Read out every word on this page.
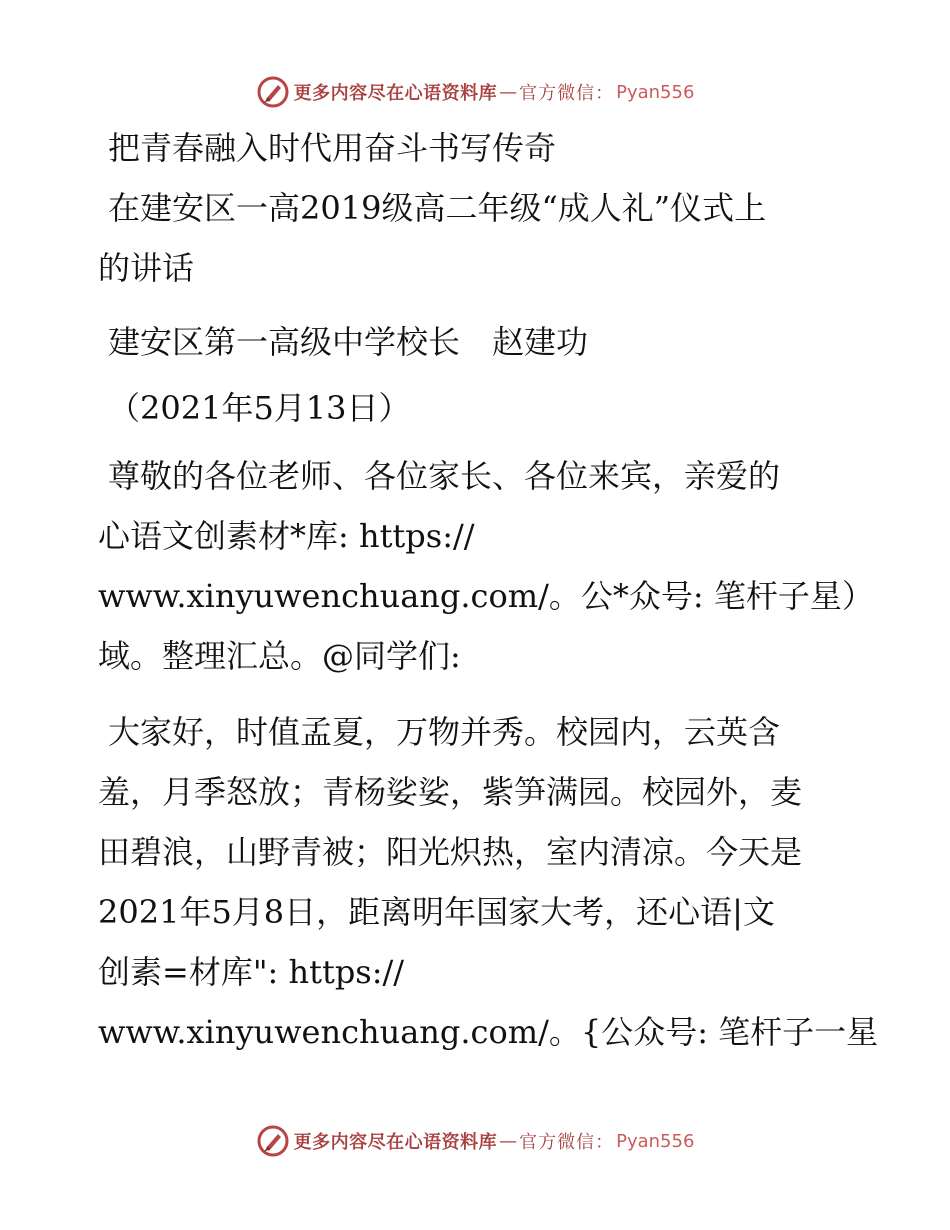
更多内容尽在心语资料库 — 官方微信： Pyan556
把青春融入时代用奋斗书写传奇
在建安区一高2019级高二年级“成人礼”仪式上
的讲话
建安区第一高级中学校长　赵建功
（2021年5月13日）
尊敬的各位老师、各位家长、各位来宾，亲爱的
心语文创素材*库: https://
www.xinyuwenchuang.com/。公*众号: 笔杆子星）
域。整理汇总。@同学们:
大家好，时值孟夏，万物并秀。校园内，云英含
羞，月季怒放；青杨娑娑，紫笋满园。校园外，麦
田碧浪，山野青被；阳光炽热，室内清凉。今天是
2021年5月8日，距离明年国家大考，还心语|文
创素=材库": https://
www.xinyuwenchuang.com/。{公众号: 笔杆子一星
更多内容尽在心语资料库 — 官方微信： Pyan556
